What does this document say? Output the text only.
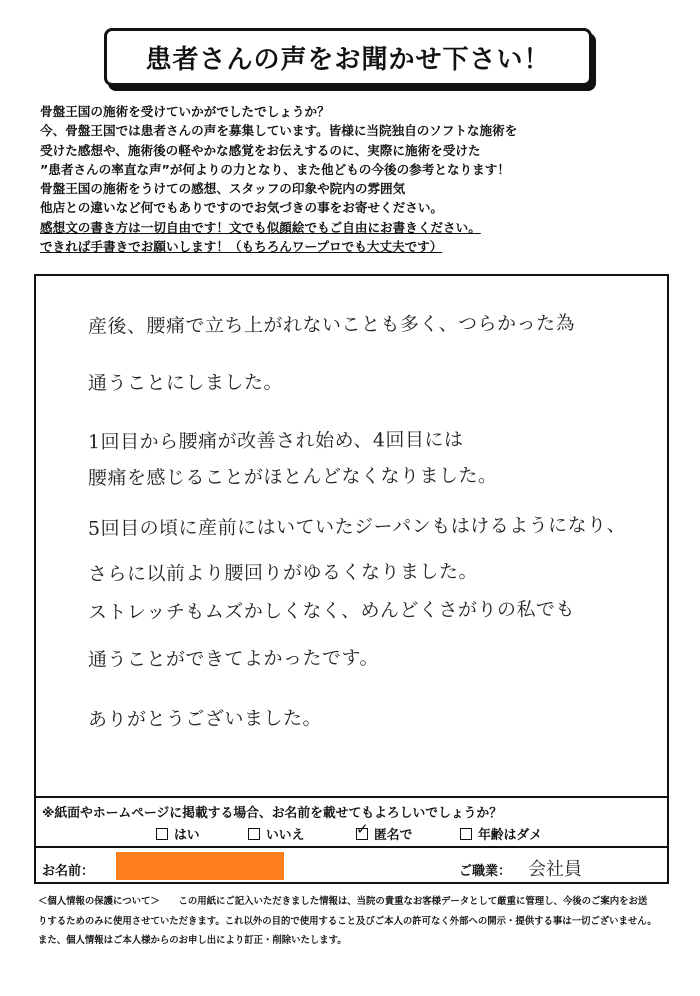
患者さんの声をお聞かせ下さい！
骨盤王国の施術を受けていかがでしたでしょうか？
今、骨盤王国では患者さんの声を募集しています。皆様に当院独自のソフトな施術を
受けた感想や、施術後の軽やかな感覚をお伝えするのに、実際に施術を受けた
”患者さんの率直な声”が何よりの力となり、また他どもの今後の参考となります！
骨盤王国の施術をうけての感想、スタッフの印象や院内の雰囲気
他店との違いなど何でもありですのでお気づきの事をお寄せください。
感想文の書き方は一切自由です！文でも似顔絵でもご自由にお書きください。
できれば手書きでお願いします！（もちろんワープロでも大丈夫です）
産後、腰痛で立ち上がれないことも多く、つらかった為
通うことにしました。
1回目から腰痛が改善され始め、4回目には
腰痛を感じることがほとんどなくなりました。
5回目の頃に産前にはいていたジーパンもはけるようになり、
さらに以前より腰回りがゆるくなりました。
ストレッチもムズかしくなく、めんどくさがりの私でも
通うことができてよかったです。
ありがとうございました。
※紙面やホームページに掲載する場合、お名前を載せてもよろしいでしょうか？
はい	いいえ	✓ 匿名で	年齢はダメ
お名前：	ご職業： 会社員
＜個人情報の保護について＞　　この用紙にご記入いただきました情報は、当院の貴重なお客様データとして厳重に管理し、今後のご案内をお送
りするためのみに使用させていただきます。これ以外の目的で使用すること及びご本人の許可なく外部への開示・提供する事は一切ございません。
また、個人情報はご本人様からのお申し出により訂正・削除いたします。
